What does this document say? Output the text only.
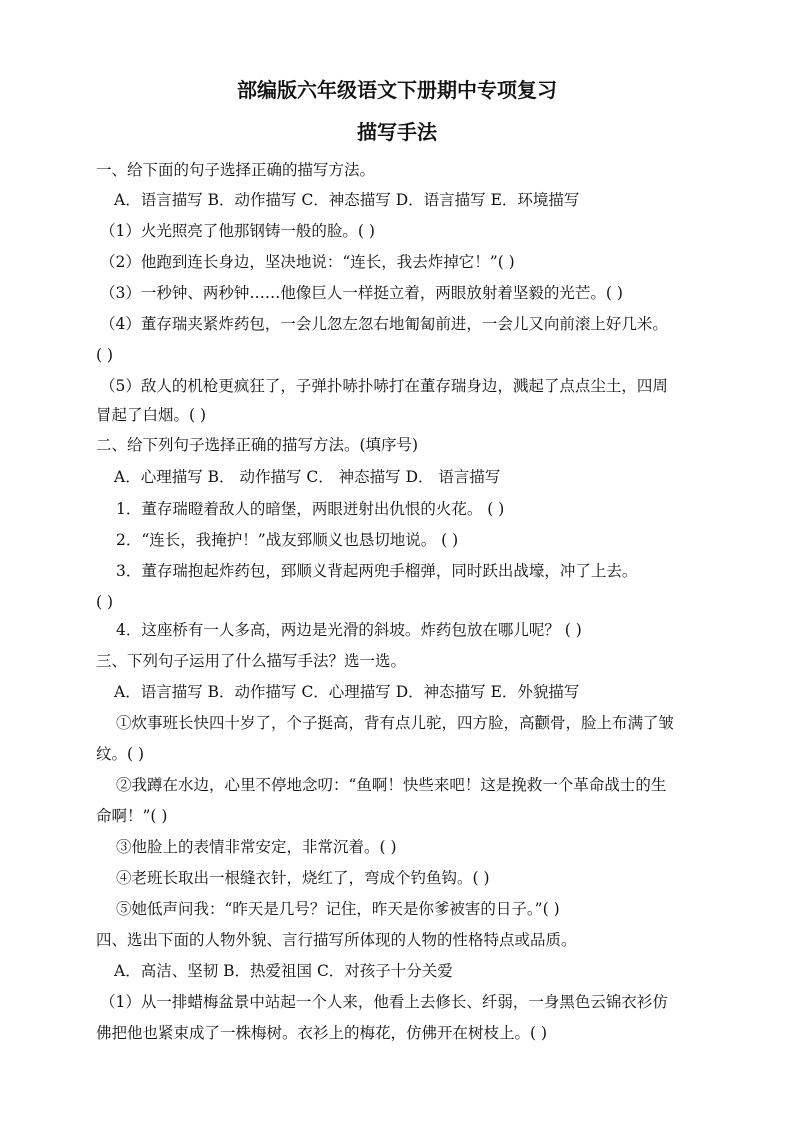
部编版六年级语文下册期中专项复习
描写手法
一、给下面的句子选择正确的描写方法。
A．语言描写 B．动作描写 C．神态描写 D．语言描写 E．环境描写
（1）火光照亮了他那钢铸一般的脸。( )
（2）他跑到连长身边，坚决地说：“连长，我去炸掉它！”( )
（3）一秒钟、两秒钟……他像巨人一样挺立着，两眼放射着坚毅的光芒。( )
（4）董存瑞夹紧炸药包，一会儿忽左忽右地匍匐前进，一会儿又向前滚上好几米。
( )
（5）敌人的机枪更疯狂了，子弹扑哧扑哧打在董存瑞身边，溅起了点点尘土，四周
冒起了白烟。( )
二、给下列句子选择正确的描写方法。(填序号)
A．心理描写 B． 动作描写 C． 神态描写 D． 语言描写
1．董存瑞瞪着敌人的暗堡，两眼迸射出仇恨的火花。 ( )
2．“连长，我掩护！”战友郅顺义也恳切地说。 ( )
3．董存瑞抱起炸药包，郅顺义背起两兜手榴弹，同时跃出战壕，冲了上去。
( )
4．这座桥有一人多高，两边是光滑的斜坡。炸药包放在哪儿呢？ ( )
三、下列句子运用了什么描写手法？选一选。
A．语言描写 B．动作描写 C．心理描写 D．神态描写 E．外貌描写
①炊事班长快四十岁了，个子挺高，背有点儿驼，四方脸，高颧骨，脸上布满了皱
纹。( )
②我蹲在水边，心里不停地念叨：“鱼啊！快些来吧！这是挽救一个革命战士的生
命啊！”( )
③他脸上的表情非常安定，非常沉着。( )
④老班长取出一根缝衣针，烧红了，弯成个钓鱼钩。( )
⑤她低声问我：“昨天是几号？记住，昨天是你爹被害的日子。”( )
四、选出下面的人物外貌、言行描写所体现的人物的性格特点或品质。
A．高洁、坚韧 B．热爱祖国 C．对孩子十分关爱
（1）从一排蜡梅盆景中站起一个人来，他看上去修长、纤弱，一身黑色云锦衣衫仿
佛把他也紧束成了一株梅树。衣衫上的梅花，仿佛开在树枝上。( )
